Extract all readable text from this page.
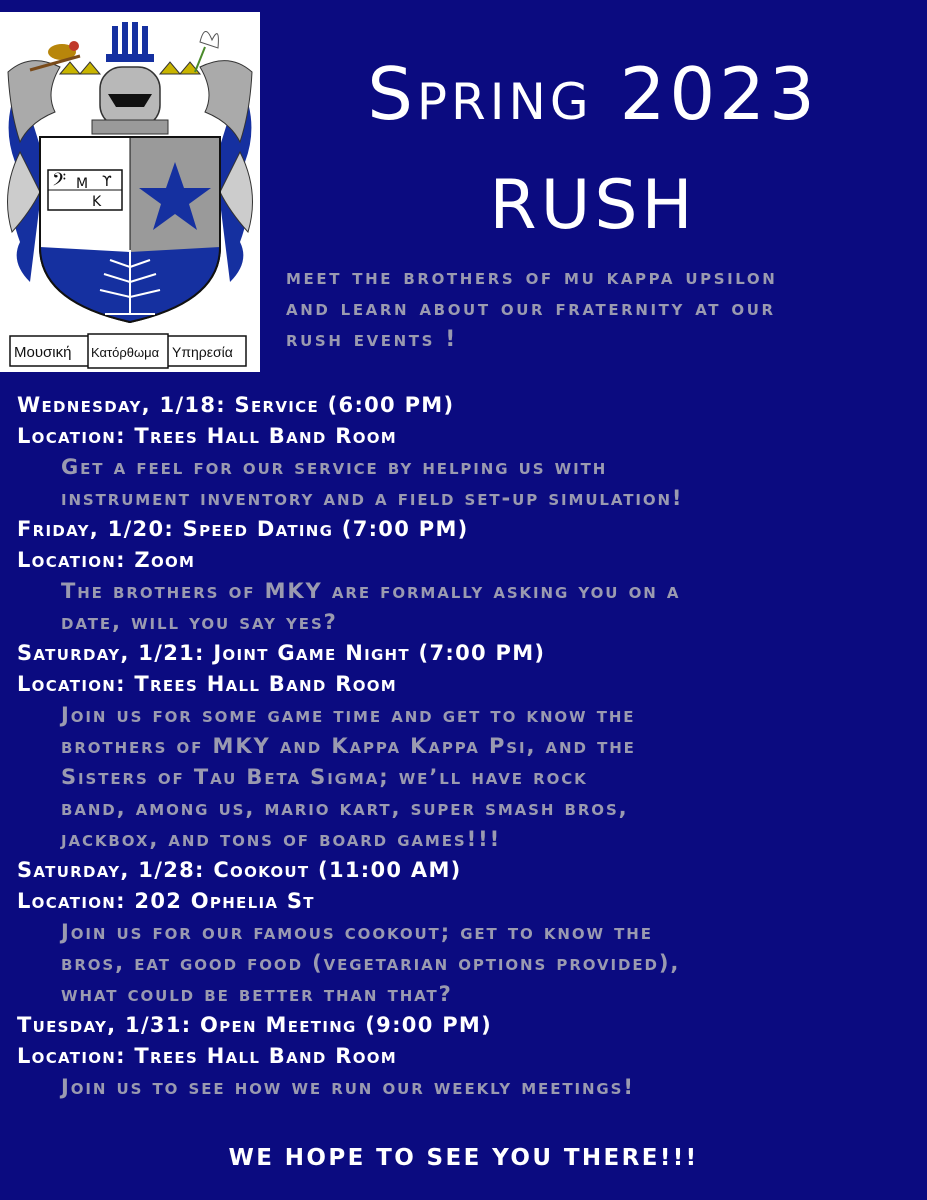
𝄢 M
K
ϒ
Μουσική Κατόρθωμα Υπηρεσία
Spring 2023
RUSH
meet the brothers of mu kappa upsilon
and learn about our fraternity at our
rush events !
Wednesday, 1/18: Service (6:00 PM)
Location: Trees Hall Band Room
Get a feel for our service by helping us with
instrument inventory and a field set-up simulation!
Friday, 1/20: Speed Dating (7:00 PM)
Location: Zoom
The brothers of MKY are formally asking you on a
date, will you say yes?
Saturday, 1/21: Joint Game Night (7:00 PM)
Location: Trees Hall Band Room
Join us for some game time and get to know the
brothers of MKY and Kappa Kappa Psi, and the
Sisters of Tau Beta Sigma; we’ll have rock
band, among us, mario kart, super smash bros,
jackbox, and tons of board games!!!
Saturday, 1/28: Cookout (11:00 AM)
Location: 202 Ophelia St
Join us for our famous cookout; get to know the
bros, eat good food (vegetarian options provided),
what could be better than that?
Tuesday, 1/31: Open Meeting (9:00 PM)
Location: Trees Hall Band Room
Join us to see how we run our weekly meetings!
WE HOPE TO SEE YOU THERE!!!
